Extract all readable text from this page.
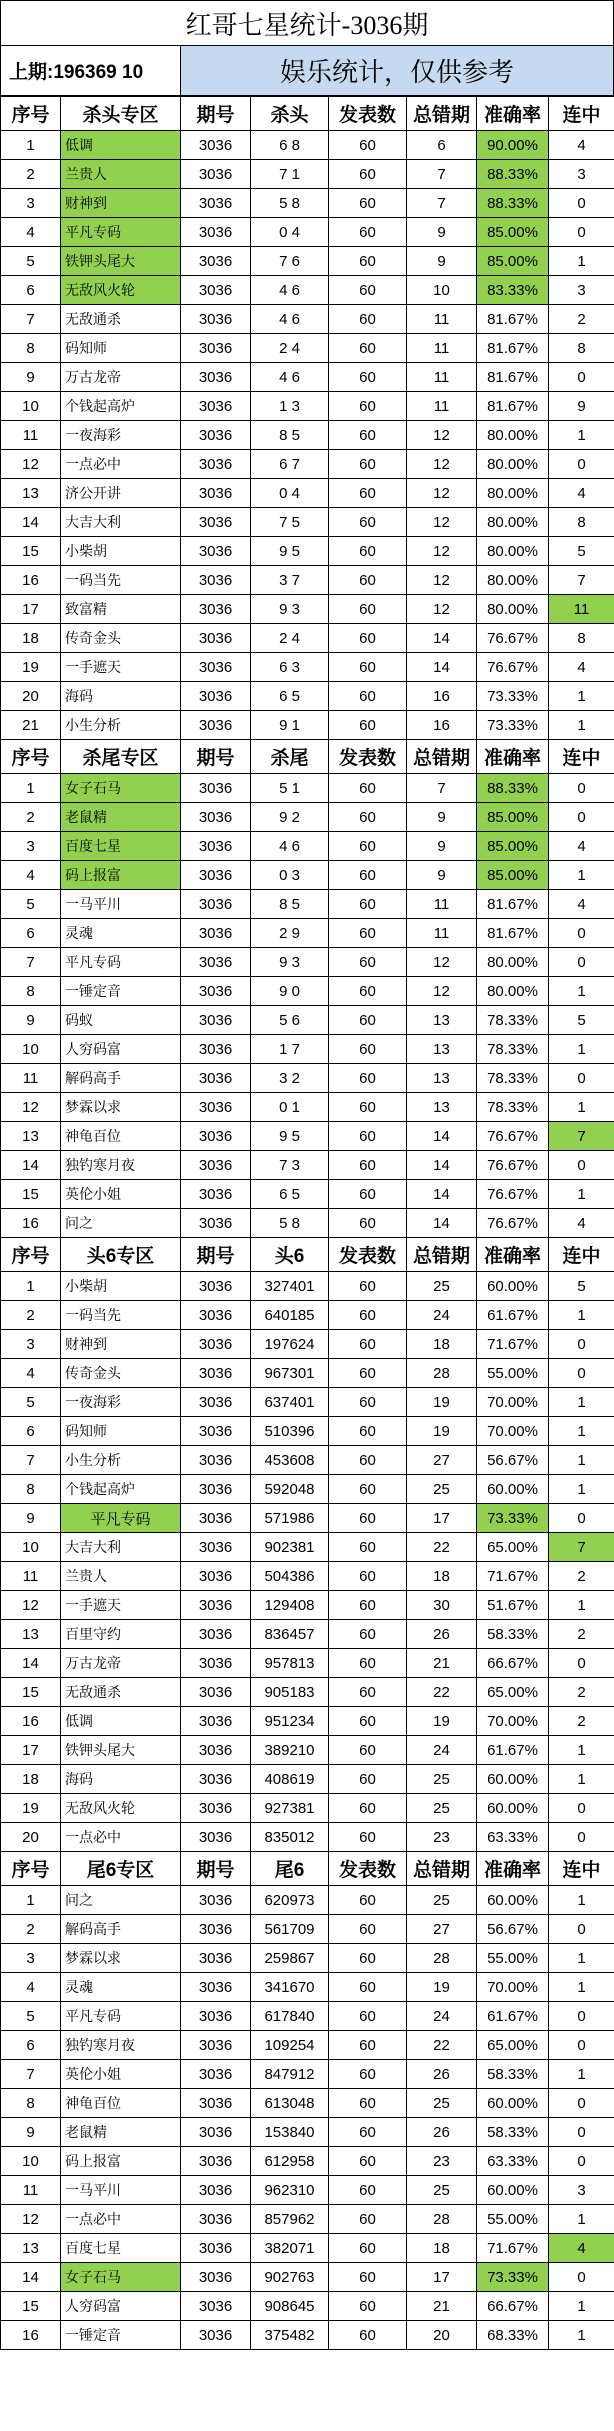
红哥七星统计-3036期
上期:196369 10	娱乐统计，仅供参考
序号	杀头专区	期号	杀头	发表数	总错期	准确率	连中
1	低调	3036	6 8	60	6	90.00%	4
2	兰贵人	3036	7 1	60	7	88.33%	3
3	财神到	3036	5 8	60	7	88.33%	0
4	平凡专码	3036	0 4	60	9	85.00%	0
5	铁钾头尾大	3036	7 6	60	9	85.00%	1
6	无敌风火轮	3036	4 6	60	10	83.33%	3
7	无敌通杀	3036	4 6	60	11	81.67%	2
8	码知师	3036	2 4	60	11	81.67%	8
9	万古龙帝	3036	4 6	60	11	81.67%	0
10	个钱起高炉	3036	1 3	60	11	81.67%	9
11	一夜海彩	3036	8 5	60	12	80.00%	1
12	一点必中	3036	6 7	60	12	80.00%	0
13	济公开讲	3036	0 4	60	12	80.00%	4
14	大吉大利	3036	7 5	60	12	80.00%	8
15	小柴胡	3036	9 5	60	12	80.00%	5
16	一码当先	3036	3 7	60	12	80.00%	7
17	致富精	3036	9 3	60	12	80.00%	11
18	传奇金头	3036	2 4	60	14	76.67%	8
19	一手遮天	3036	6 3	60	14	76.67%	4
20	海码	3036	6 5	60	16	73.33%	1
21	小生分析	3036	9 1	60	16	73.33%	1
序号	杀尾专区	期号	杀尾	发表数	总错期	准确率	连中
1	女子石马	3036	5 1	60	7	88.33%	0
2	老鼠精	3036	9 2	60	9	85.00%	0
3	百度七星	3036	4 6	60	9	85.00%	4
4	码上报富	3036	0 3	60	9	85.00%	1
5	一马平川	3036	8 5	60	11	81.67%	4
6	灵魂	3036	2 9	60	11	81.67%	0
7	平凡专码	3036	9 3	60	12	80.00%	0
8	一锤定音	3036	9 0	60	12	80.00%	1
9	码蚁	3036	5 6	60	13	78.33%	5
10	人穷码富	3036	1 7	60	13	78.33%	1
11	解码高手	3036	3 2	60	13	78.33%	0
12	梦霖以求	3036	0 1	60	13	78.33%	1
13	神龟百位	3036	9 5	60	14	76.67%	7
14	独钓寒月夜	3036	7 3	60	14	76.67%	0
15	英伦小姐	3036	6 5	60	14	76.67%	1
16	问之	3036	5 8	60	14	76.67%	4
序号	头6专区	期号	头6	发表数	总错期	准确率	连中
1	小柴胡	3036	327401	60	25	60.00%	5
2	一码当先	3036	640185	60	24	61.67%	1
3	财神到	3036	197624	60	18	71.67%	0
4	传奇金头	3036	967301	60	28	55.00%	0
5	一夜海彩	3036	637401	60	19	70.00%	1
6	码知师	3036	510396	60	19	70.00%	1
7	小生分析	3036	453608	60	27	56.67%	1
8	个钱起高炉	3036	592048	60	25	60.00%	1
9	平凡专码	3036	571986	60	17	73.33%	0
10	大吉大利	3036	902381	60	22	65.00%	7
11	兰贵人	3036	504386	60	18	71.67%	2
12	一手遮天	3036	129408	60	30	51.67%	1
13	百里守约	3036	836457	60	26	58.33%	2
14	万古龙帝	3036	957813	60	21	66.67%	0
15	无敌通杀	3036	905183	60	22	65.00%	2
16	低调	3036	951234	60	19	70.00%	2
17	铁钾头尾大	3036	389210	60	24	61.67%	1
18	海码	3036	408619	60	25	60.00%	1
19	无敌风火轮	3036	927381	60	25	60.00%	0
20	一点必中	3036	835012	60	23	63.33%	0
序号	尾6专区	期号	尾6	发表数	总错期	准确率	连中
1	问之	3036	620973	60	25	60.00%	1
2	解码高手	3036	561709	60	27	56.67%	0
3	梦霖以求	3036	259867	60	28	55.00%	1
4	灵魂	3036	341670	60	19	70.00%	1
5	平凡专码	3036	617840	60	24	61.67%	0
6	独钓寒月夜	3036	109254	60	22	65.00%	0
7	英伦小姐	3036	847912	60	26	58.33%	1
8	神龟百位	3036	613048	60	25	60.00%	0
9	老鼠精	3036	153840	60	26	58.33%	0
10	码上报富	3036	612958	60	23	63.33%	0
11	一马平川	3036	962310	60	25	60.00%	3
12	一点必中	3036	857962	60	28	55.00%	1
13	百度七星	3036	382071	60	18	71.67%	4
14	女子石马	3036	902763	60	17	73.33%	0
15	人穷码富	3036	908645	60	21	66.67%	1
16	一锤定音	3036	375482	60	20	68.33%	1
